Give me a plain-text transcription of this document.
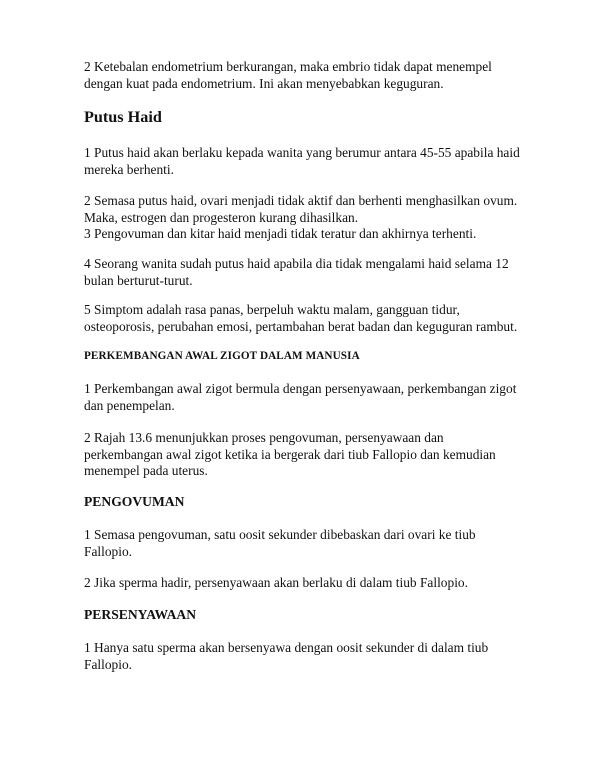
2 Ketebalan endometrium berkurangan, maka embrio tidak dapat menempel
dengan kuat pada endometrium. Ini akan menyebabkan keguguran.

Putus Haid

1 Putus haid akan berlaku kepada wanita yang berumur antara 45-55 apabila haid
mereka berhenti.

2 Semasa putus haid, ovari menjadi tidak aktif dan berhenti menghasilkan ovum.
Maka, estrogen dan progesteron kurang dihasilkan.
3 Pengovuman dan kitar haid menjadi tidak teratur dan akhirnya terhenti.

4 Seorang wanita sudah putus haid apabila dia tidak mengalami haid selama 12
bulan berturut-turut.

5 Simptom adalah rasa panas, berpeluh waktu malam, gangguan tidur,
osteoporosis, perubahan emosi, pertambahan berat badan dan keguguran rambut.

PERKEMBANGAN AWAL ZIGOT DALAM MANUSIA

1 Perkembangan awal zigot bermula dengan persenyawaan, perkembangan zigot
dan penempelan.

2 Rajah 13.6 menunjukkan proses pengovuman, persenyawaan dan
perkembangan awal zigot ketika ia bergerak dari tiub Fallopio dan kemudian
menempel pada uterus.

PENGOVUMAN

1 Semasa pengovuman, satu oosit sekunder dibebaskan dari ovari ke tiub
Fallopio.

2 Jika sperma hadir, persenyawaan akan berlaku di dalam tiub Fallopio.

PERSENYAWAAN

1 Hanya satu sperma akan bersenyawa dengan oosit sekunder di dalam tiub
Fallopio.
